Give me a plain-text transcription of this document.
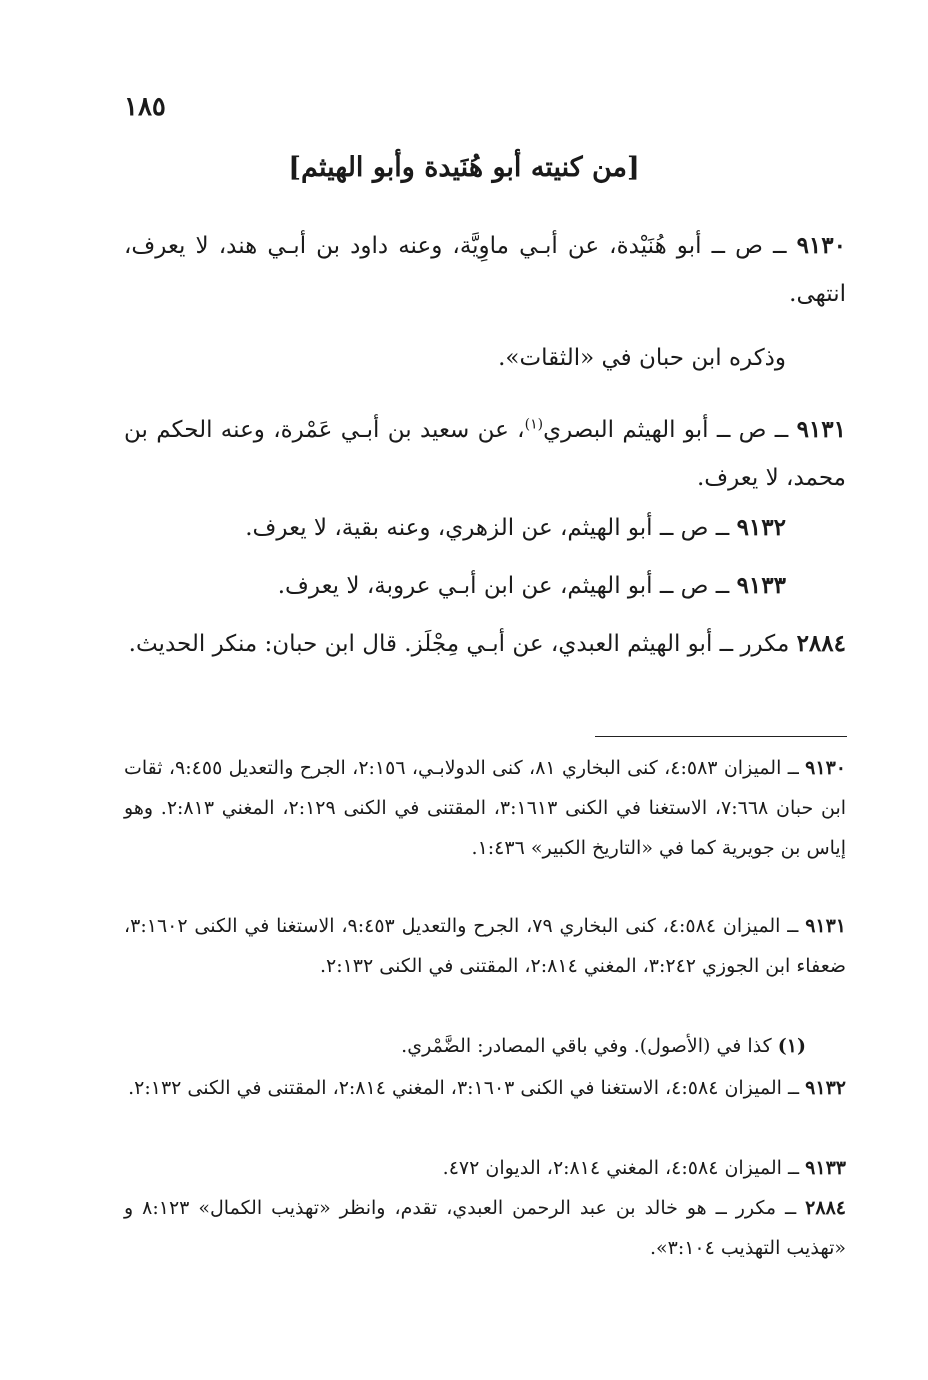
١٨٥
[من كنيته أبو هُنَيدة وأبو الهيثم]
٩١٣٠ ــ ص ــ أبو هُنَيْدة، عن أبـي ماوِيَّة، وعنه داود بن أبـي هند، لا يعرف، انتهى.
وذكره ابن حبان في «الثقات».
٩١٣١ ــ ص ــ أبو الهيثم البصري$^{(١)}$، عن سعيد بن أبـي عَمْرة، وعنه الحكم بن محمد، لا يعرف.
٩١٣٢ ــ ص ــ أبو الهيثم، عن الزهري، وعنه بقية، لا يعرف.
٩١٣٣ ــ ص ــ أبو الهيثم، عن ابن أبـي عروبة، لا يعرف.
٢٨٨٤ مكرر ــ أبو الهيثم العبدي، عن أبـي مِجْلَز. قال ابن حبان: منكر الحديث.
٩١٣٠ ــ الميزان ٤:٥٨٣، كنى البخاري ٨١، كنى الدولابـي، ٢:١٥٦، الجرح والتعديل ٩:٤٥٥، ثقات ابن حبان ٧:٦٦٨، الاستغنا في الكنى ٣:١٦١٣، المقتنى في الكنى ٢:١٢٩، المغني ٢:٨١٣. وهو إياس بن جويرية كما في «التاريخ الكبير» ١:٤٣٦.
٩١٣١ ــ الميزان ٤:٥٨٤، كنى البخاري ٧٩، الجرح والتعديل ٩:٤٥٣، الاستغنا في الكنى ٣:١٦٠٢، ضعفاء ابن الجوزي ٣:٢٤٢، المغني ٢:٨١٤، المقتنى في الكنى ٢:١٣٢.
(١) كذا في (الأصول). وفي باقي المصادر: الضَّمْري.
٩١٣٢ ــ الميزان ٤:٥٨٤، الاستغنا في الكنى ٣:١٦٠٣، المغني ٢:٨١٤، المقتنى في الكنى ٢:١٣٢.
٩١٣٣ ــ الميزان ٤:٥٨٤، المغني ٢:٨١٤، الديوان ٤٧٢.
٢٨٨٤ ــ مكرر ــ هو خالد بن عبد الرحمن العبدي، تقدم، وانظر «تهذيب الكمال» ٨:١٢٣ و «تهذيب التهذيب ٣:١٠٤».
